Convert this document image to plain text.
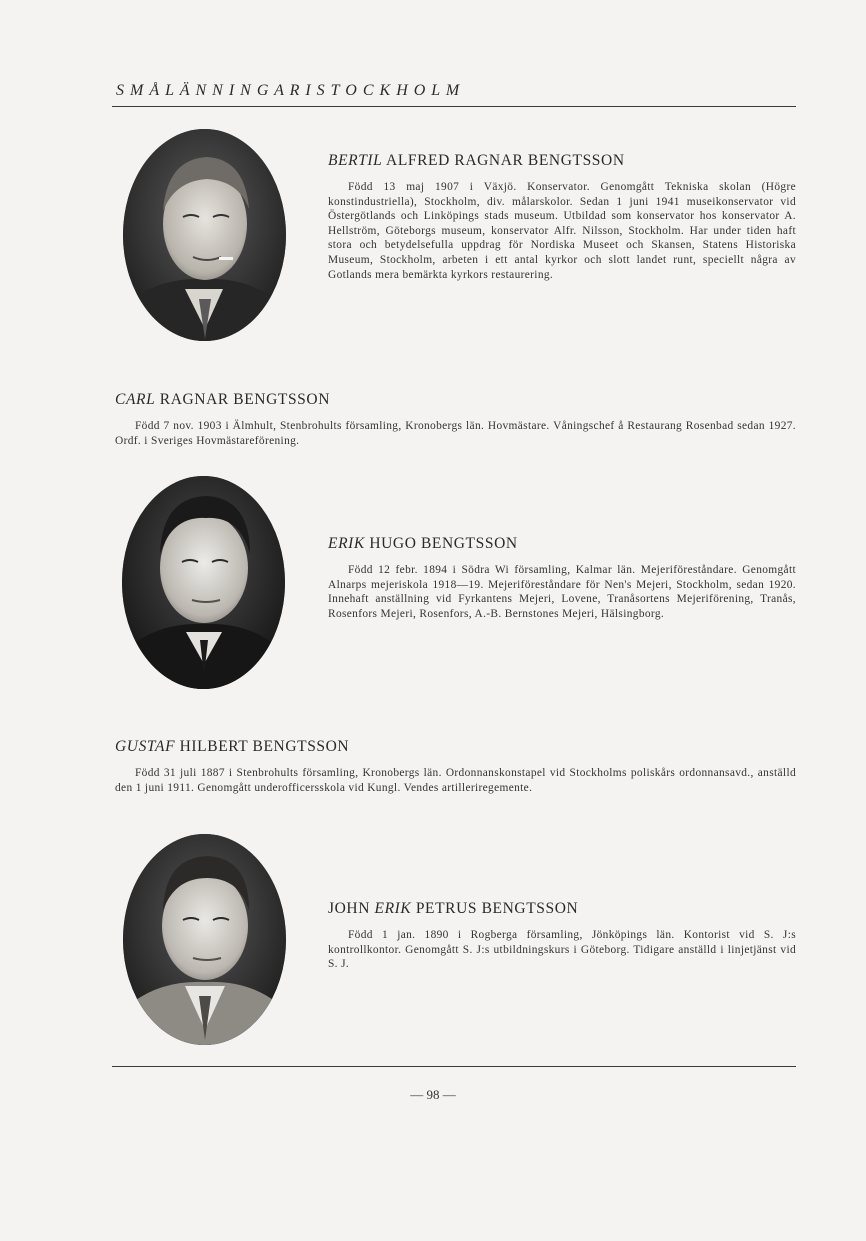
S M Å L Ä N N I N G A R I S T O C K H O L M

BERTIL ALFRED RAGNAR BENGTSSON

Född 13 maj 1907 i Växjö. Konservator. Genomgått Tekniska skolan (Högre konstindustriella), Stockholm, div. målarskolor. Sedan 1 juni 1941 museikonservator vid Östergötlands och Linköpings stads museum. Utbildad som konservator hos konservator A. Hellström, Göteborgs museum, konservator Alfr. Nilsson, Stockholm. Har under tiden haft stora och betydelsefulla uppdrag för Nordiska Museet och Skansen, Statens Historiska Museum, Stockholm, arbeten i ett antal kyrkor och slott landet runt, speciellt några av Gotlands mera bemärkta kyrkors restaurering.

CARL RAGNAR BENGTSSON

Född 7 nov. 1903 i Älmhult, Stenbrohults församling, Kronobergs län. Hovmästare. Våningschef å Restaurang Rosenbad sedan 1927. Ordf. i Sveriges Hovmästareförening.

ERIK HUGO BENGTSSON

Född 12 febr. 1894 i Södra Wi församling, Kalmar län. Mejeriföreståndare. Genomgått Alnarps mejeriskola 1918—19. Mejeriföreståndare för Nen's Mejeri, Stockholm, sedan 1920. Innehaft anställning vid Fyrkantens Mejeri, Lovene, Tranåsortens Mejeriförening, Tranås, Rosenfors Mejeri, Rosenfors, A.-B. Bernstones Mejeri, Hälsingborg.

GUSTAF HILBERT BENGTSSON

Född 31 juli 1887 i Stenbrohults församling, Kronobergs län. Ordonnanskonstapel vid Stockholms poliskårs ordonnansavd., anställd den 1 juni 1911. Genomgått underofficersskola vid Kungl. Vendes artilleriregemente.

JOHN ERIK PETRUS BENGTSSON

Född 1 jan. 1890 i Rogberga församling, Jönköpings län. Kontorist vid S. J:s kontrollkontor. Genomgått S. J:s utbildningskurs i Göteborg. Tidigare anställd i linjetjänst vid S. J.

— 98 —
